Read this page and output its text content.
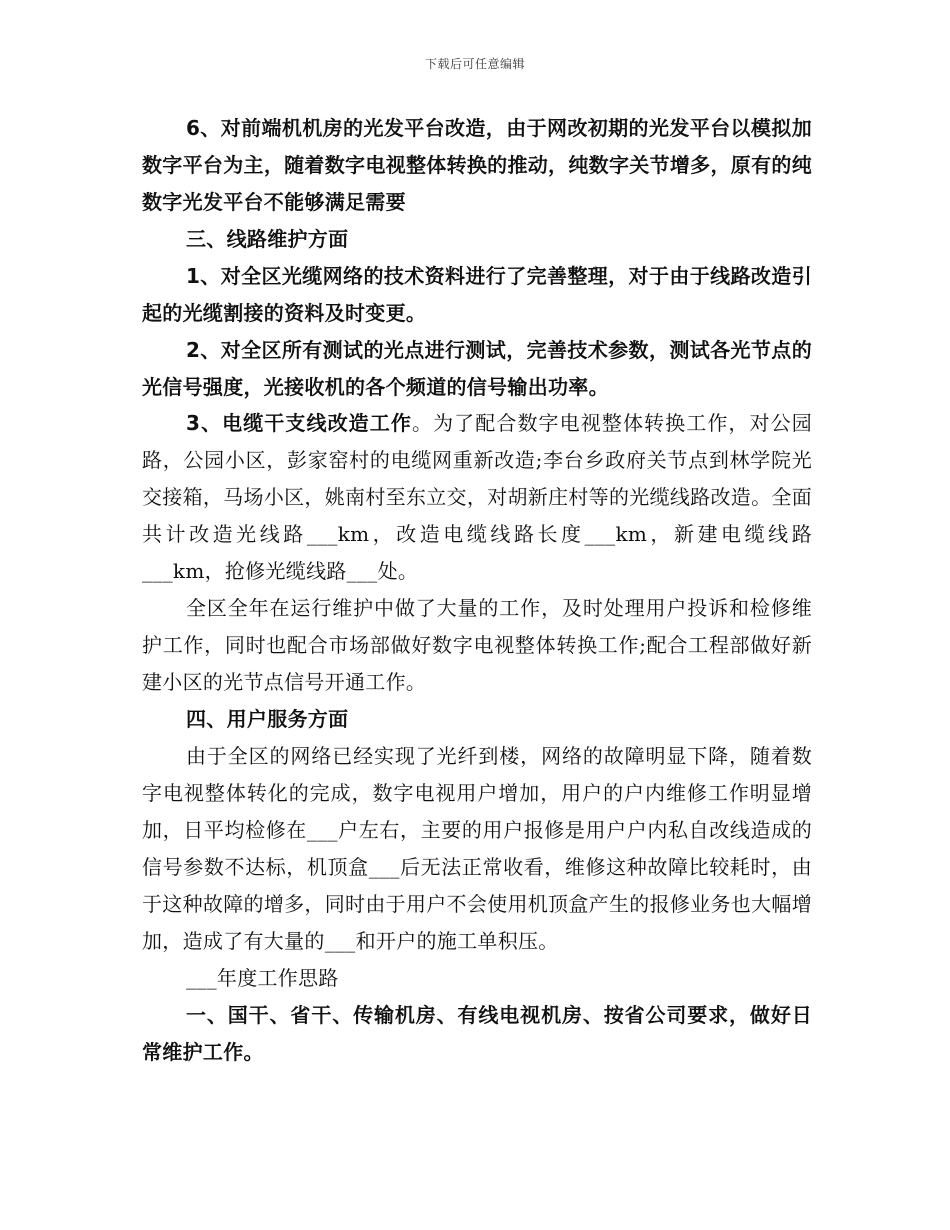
下载后可任意编辑

6、对前端机机房的光发平台改造，由于网改初期的光发平台以模拟加数字平台为主，随着数字电视整体转换的推动，纯数字关节增多，原有的纯数字光发平台不能够满足需要

三、线路维护方面

1、对全区光缆网络的技术资料进行了完善整理，对于由于线路改造引起的光缆割接的资料及时变更。

2、对全区所有测试的光点进行测试，完善技术参数，测试各光节点的光信号强度，光接收机的各个频道的信号输出功率。

3、电缆干支线改造工作。为了配合数字电视整体转换工作，对公园路，公园小区，彭家窑村的电缆网重新改造;李台乡政府关节点到林学院光交接箱，马场小区，姚南村至东立交，对胡新庄村等的光缆线路改造。全面共计改造光线路___km，改造电缆线路长度___km，新建电缆线路___km，抢修光缆线路___处。

全区全年在运行维护中做了大量的工作，及时处理用户投诉和检修维护工作，同时也配合市场部做好数字电视整体转换工作;配合工程部做好新建小区的光节点信号开通工作。

四、用户服务方面

由于全区的网络已经实现了光纤到楼，网络的故障明显下降，随着数字电视整体转化的完成，数字电视用户增加，用户的户内维修工作明显增加，日平均检修在___户左右，主要的用户报修是用户户内私自改线造成的信号参数不达标，机顶盒___后无法正常收看，维修这种故障比较耗时，由于这种故障的增多，同时由于用户不会使用机顶盒产生的报修业务也大幅增加，造成了有大量的___和开户的施工单积压。

___年度工作思路

一、国干、省干、传输机房、有线电视机房、按省公司要求，做好日常维护工作。
